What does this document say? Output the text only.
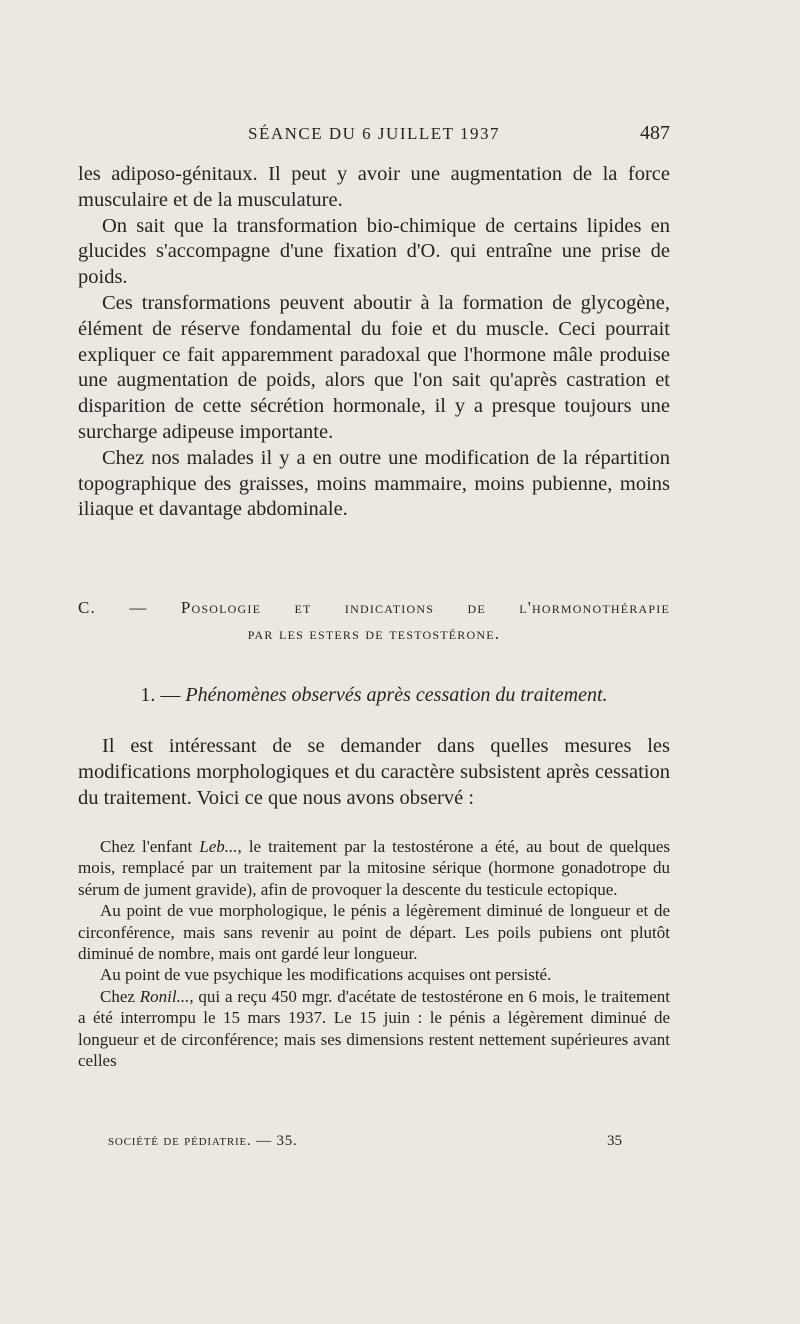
SÉANCE DU 6 JUILLET 1937	487

les adiposo-génitaux. Il peut y avoir une augmentation de la force musculaire et de la musculature.

On sait que la transformation bio-chimique de certains lipides en glucides s'accompagne d'une fixation d'O. qui entraîne une prise de poids.

Ces transformations peuvent aboutir à la formation de glycogène, élément de réserve fondamental du foie et du muscle. Ceci pourrait expliquer ce fait apparemment paradoxal que l'hormone mâle produise une augmentation de poids, alors que l'on sait qu'après castration et disparition de cette sécrétion hormonale, il y a presque toujours une surcharge adipeuse importante.

Chez nos malades il y a en outre une modification de la répartition topographique des graisses, moins mammaire, moins pubienne, moins iliaque et davantage abdominale.

C. — Posologie et indications de l'hormonothérapie
par les esters de testostérone.
1. — Phénomènes observés après cessation du traitement.

Il est intéressant de se demander dans quelles mesures les modifications morphologiques et du caractère subsistent après cessation du traitement. Voici ce que nous avons observé :

Chez l'enfant Leb..., le traitement par la testostérone a été, au bout de quelques mois, remplacé par un traitement par la mitosine sérique (hormone gonadotrope du sérum de jument gravide), afin de provoquer la descente du testicule ectopique.

Au point de vue morphologique, le pénis a légèrement diminué de longueur et de circonférence, mais sans revenir au point de départ. Les poils pubiens ont plutôt diminué de nombre, mais ont gardé leur longueur.

Au point de vue psychique les modifications acquises ont persisté.

Chez Ronil..., qui a reçu 450 mgr. d'acétate de testostérone en 6 mois, le traitement a été interrompu le 15 mars 1937. Le 15 juin : le pénis a légèrement diminué de longueur et de circonférence; mais ses dimensions restent nettement supérieures avant celles

société de pédiatrie. — 35.	35
